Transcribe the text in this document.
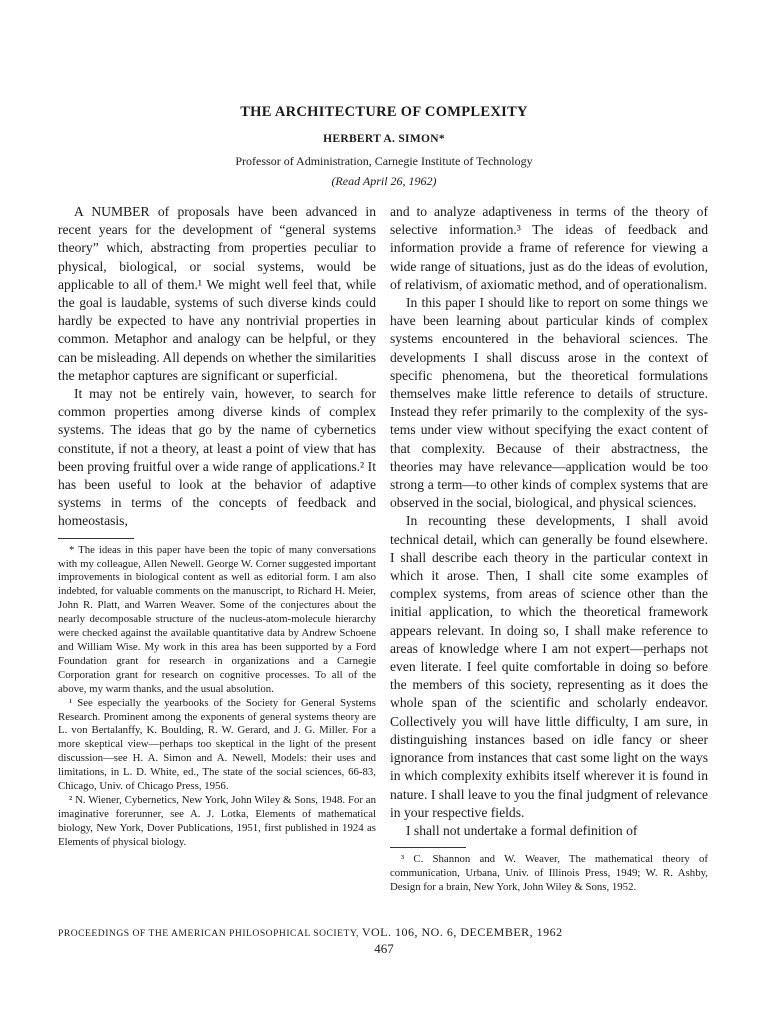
THE ARCHITECTURE OF COMPLEXITY
HERBERT A. SIMON*
Professor of Administration, Carnegie Institute of Technology
(Read April 26, 1962)

A NUMBER of proposals have been advanced in recent years for the development of “general systems theory” which, abstracting from properties peculiar to physical, biological, or social systems, would be applicable to all of them.¹ We might well feel that, while the goal is laudable, systems of such diverse kinds could hardly be expected to have any nontrivial properties in common. Metaphor and analogy can be helpful, or they can be misleading. All depends on whether the similarities the metaphor captures are significant or superficial.

It may not be entirely vain, however, to search for common properties among diverse kinds of complex systems. The ideas that go by the name of cybernetics constitute, if not a theory, at least a point of view that has been proving fruitful over a wide range of applications.² It has been useful to look at the behavior of adaptive systems in terms of the concepts of feedback and homeostasis,

* The ideas in this paper have been the topic of many conversations with my colleague, Allen Newell. George W. Corner suggested important improvements in biological content as well as editorial form. I am also indebted, for valuable comments on the manuscript, to Richard H. Meier, John R. Platt, and Warren Weaver. Some of the conjectures about the nearly decomposable structure of the nucleus-atom-molecule hierarchy were checked against the available quantitative data by Andrew Schoene and William Wise. My work in this area has been supported by a Ford Foundation grant for research in organizations and a Carnegie Corporation grant for research on cognitive processes. To all of the above, my warm thanks, and the usual absolution.

¹ See especially the yearbooks of the Society for General Systems Research. Prominent among the exponents of general systems theory are L. von Bertalanffy, K. Boulding, R. W. Gerard, and J. G. Miller. For a more skeptical view—perhaps too skeptical in the light of the present discussion—see H. A. Simon and A. Newell, Models: their uses and limitations, in L. D. White, ed., The state of the social sciences, 66-83, Chicago, Univ. of Chicago Press, 1956.

² N. Wiener, Cybernetics, New York, John Wiley & Sons, 1948. For an imaginative forerunner, see A. J. Lotka, Elements of mathematical biology, New York, Dover Publications, 1951, first published in 1924 as Elements of physical biology.

and to analyze adaptiveness in terms of the theory of selective information.³ The ideas of feedback and information provide a frame of reference for viewing a wide range of situations, just as do the ideas of evolution, of relativism, of axiomatic method, and of operationalism.

In this paper I should like to report on some things we have been learning about particular kinds of complex systems encountered in the behavioral sciences. The developments I shall discuss arose in the context of specific phenomena, but the theoretical formulations themselves make little reference to details of structure. Instead they refer primarily to the complexity of the systems under view without specifying the exact content of that complexity. Because of their abstractness, the theories may have relevance—application would be too strong a term—to other kinds of complex systems that are observed in the social, biological, and physical sciences.

In recounting these developments, I shall avoid technical detail, which can generally be found elsewhere. I shall describe each theory in the particular context in which it arose. Then, I shall cite some examples of complex systems, from areas of science other than the initial application, to which the theoretical framework appears relevant. In doing so, I shall make reference to areas of knowledge where I am not expert—perhaps not even literate. I feel quite comfortable in doing so before the members of this society, representing as it does the whole span of the scientific and scholarly endeavor. Collectively you will have little difficulty, I am sure, in distinguishing instances based on idle fancy or sheer ignorance from instances that cast some light on the ways in which complexity exhibits itself wherever it is found in nature. I shall leave to you the final judgment of relevance in your respective fields.

I shall not undertake a formal definition of

³ C. Shannon and W. Weaver, The mathematical theory of communication, Urbana, Univ. of Illinois Press, 1949; W. R. Ashby, Design for a brain, New York, John Wiley & Sons, 1952.

PROCEEDINGS OF THE AMERICAN PHILOSOPHICAL SOCIETY, VOL. 106, NO. 6, DECEMBER, 1962
467
